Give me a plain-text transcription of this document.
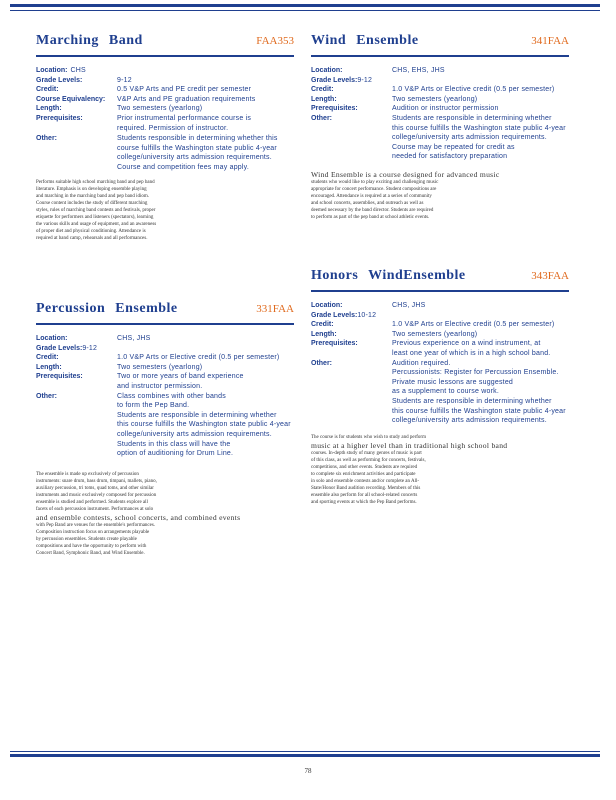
Marching Band	FAA353
Location: CHS
Grade Levels:	9-12
Credit:	0.5 V&P Arts and PE credit per semester
Course Equivalency:	V&P Arts and PE graduation requirements
Length:	Two semesters (yearlong)
Prerequisites:	Prior instrumental performance course is
required. Permission of instructor.
Other:	Students responsible in determining whether this
course fulfills the Washington state public 4-year
college/university arts admission requirements.
Course and competition fees may apply.
Performs suitable high school marching band and pep band
literature. Emphasis is on developing ensemble playing
and marching in the marching band and pep band idiom.
Course content includes the study of different marching
styles, rules of marching band contests and festivals, proper
etiquette for performers and listeners (spectators), learning
the various skills and usage of equipment, and an awareness
of proper diet and physical conditioning. Attendance is
required at band camp, rehearsals and all performances.
Percussion Ensemble	331FAA
Location:	CHS, JHS
Grade Levels: 9-12
Credit:	1.0 V&P Arts or Elective credit (0.5 per semester)
Length:	Two semesters (yearlong)
Prerequisites:	Two or more years of band experience
and instructor permission.
Other:	Class combines with other bands
to form the Pep Band.
Students are responsible in determining whether
this course fulfills the Washington state public 4-year
college/university arts admission requirements.
Students in this class will have the
option of auditioning for Drum Line.
The ensemble is made up exclusively of percussion
instruments: snare drum, bass drum, timpani, mallets, piano,
auxiliary percussion, tri toms, quad toms, and other similar
instruments and music exclusively composed for percussion
ensemble is studied and performed. Students explore all
facets of each percussion instrument. Performances at solo
and ensemble contests, school concerts, and combined events
with Pep Band are venues for the ensemble's performances.
Composition instruction focus on arrangements playable
by percussion ensembles. Students create playable
compositions and have the opportunity to perform with
Concert Band, Symphonic Band, and Wind Ensemble.
Wind Ensemble	341FAA
Location:	CHS, EHS, JHS
Grade Levels: 9-12
Credit:	1.0 V&P Arts or Elective credit (0.5 per semester)
Length:	Two semesters (yearlong)
Prerequisites:	Audition or instructor permission
Other:	Students are responsible in determining whether
this course fulfills the Washington state public 4-year
college/university arts admission requirements.
Course may be repeated for credit as
needed for satisfactory preparation
Wind Ensemble is a course designed for advanced music
students who would like to play exciting and challenging music
appropriate for concert performance. Student compositions are
encouraged. Attendance is required at a series of community
and school concerts, assemblies, and outreach as well as
deemed necessary by the band director. Students are required
to perform as part of the pep band at school athletic events.
Honors WindEnsemble	343FAA
Location:	CHS, JHS
Grade Levels: 10-12
Credit:	1.0 V&P Arts or Elective credit (0.5 per semester)
Length:	Two semesters (yearlong)
Prerequisites:	Previous experience on a wind instrument, at
least one year of which is in a high school band.
Audition required.
Other:
Percussionists: Register for Percussion Ensemble.
Private music lessons are suggested
as a supplement to course work.
Students are responsible in determining whether
this course fulfills the Washington state public 4-year
college/university arts admission requirements.
The course is for students who wish to study and perform
music at a higher level than in traditional high school band
courses. In-depth study of many genres of music is part
of this class, as well as performing for concerts, festivals,
competitions, and other events. Students are required
to complete six enrichment activities and participate
in solo and ensemble contests and/or complete an All-
State/Honor Band audition recording. Members of this
ensemble also perform for all school-related concerts
and sporting events at which the Pep Band performs.
78
